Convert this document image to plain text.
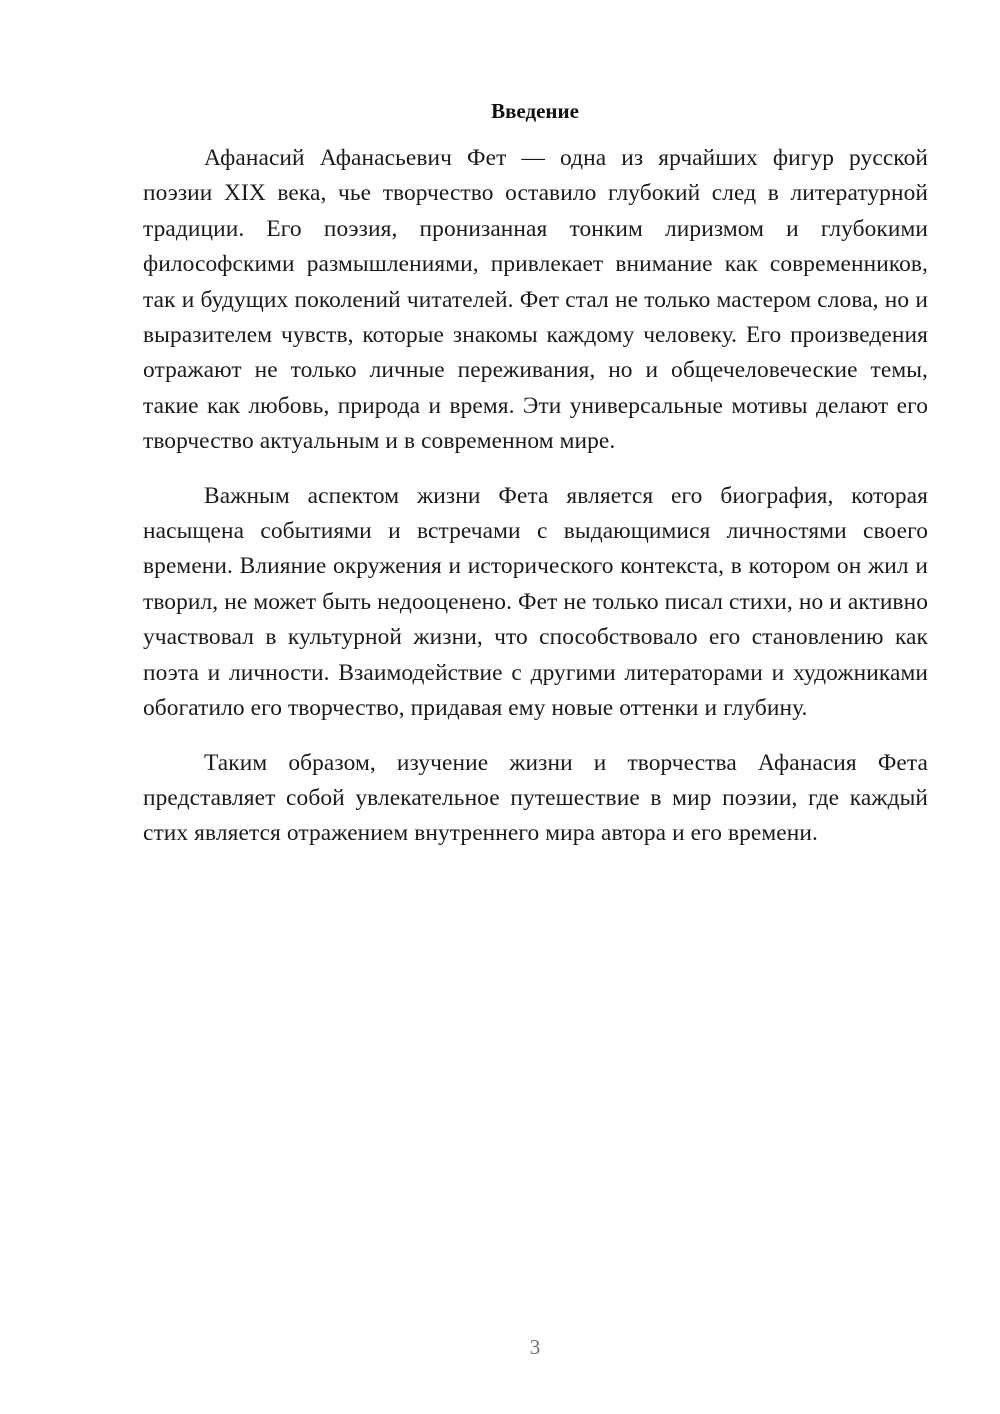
Введение

Афанасий Афанасьевич Фет — одна из ярчайших фигур русской поэзии XIX века, чье творчество оставило глубокий след в литературной традиции. Его поэзия, пронизанная тонким лиризмом и глубокими философскими размышлениями, привлекает внимание как современников, так и будущих поколений читателей. Фет стал не только мастером слова, но и выразителем чувств, которые знакомы каждому человеку. Его произведения отражают не только личные переживания, но и общечеловеческие темы, такие как любовь, природа и время. Эти универсальные мотивы делают его творчество актуальным и в современном мире.

Важным аспектом жизни Фета является его биография, которая насыщена событиями и встречами с выдающимися личностями своего времени. Влияние окружения и исторического контекста, в котором он жил и творил, не может быть недооценено. Фет не только писал стихи, но и активно участвовал в культурной жизни, что способствовало его становлению как поэта и личности. Взаимодействие с другими литераторами и художниками обогатило его творчество, придавая ему новые оттенки и глубину.

Таким образом, изучение жизни и творчества Афанасия Фета представляет собой увлекательное путешествие в мир поэзии, где каждый стих является отражением внутреннего мира автора и его времени.

3
